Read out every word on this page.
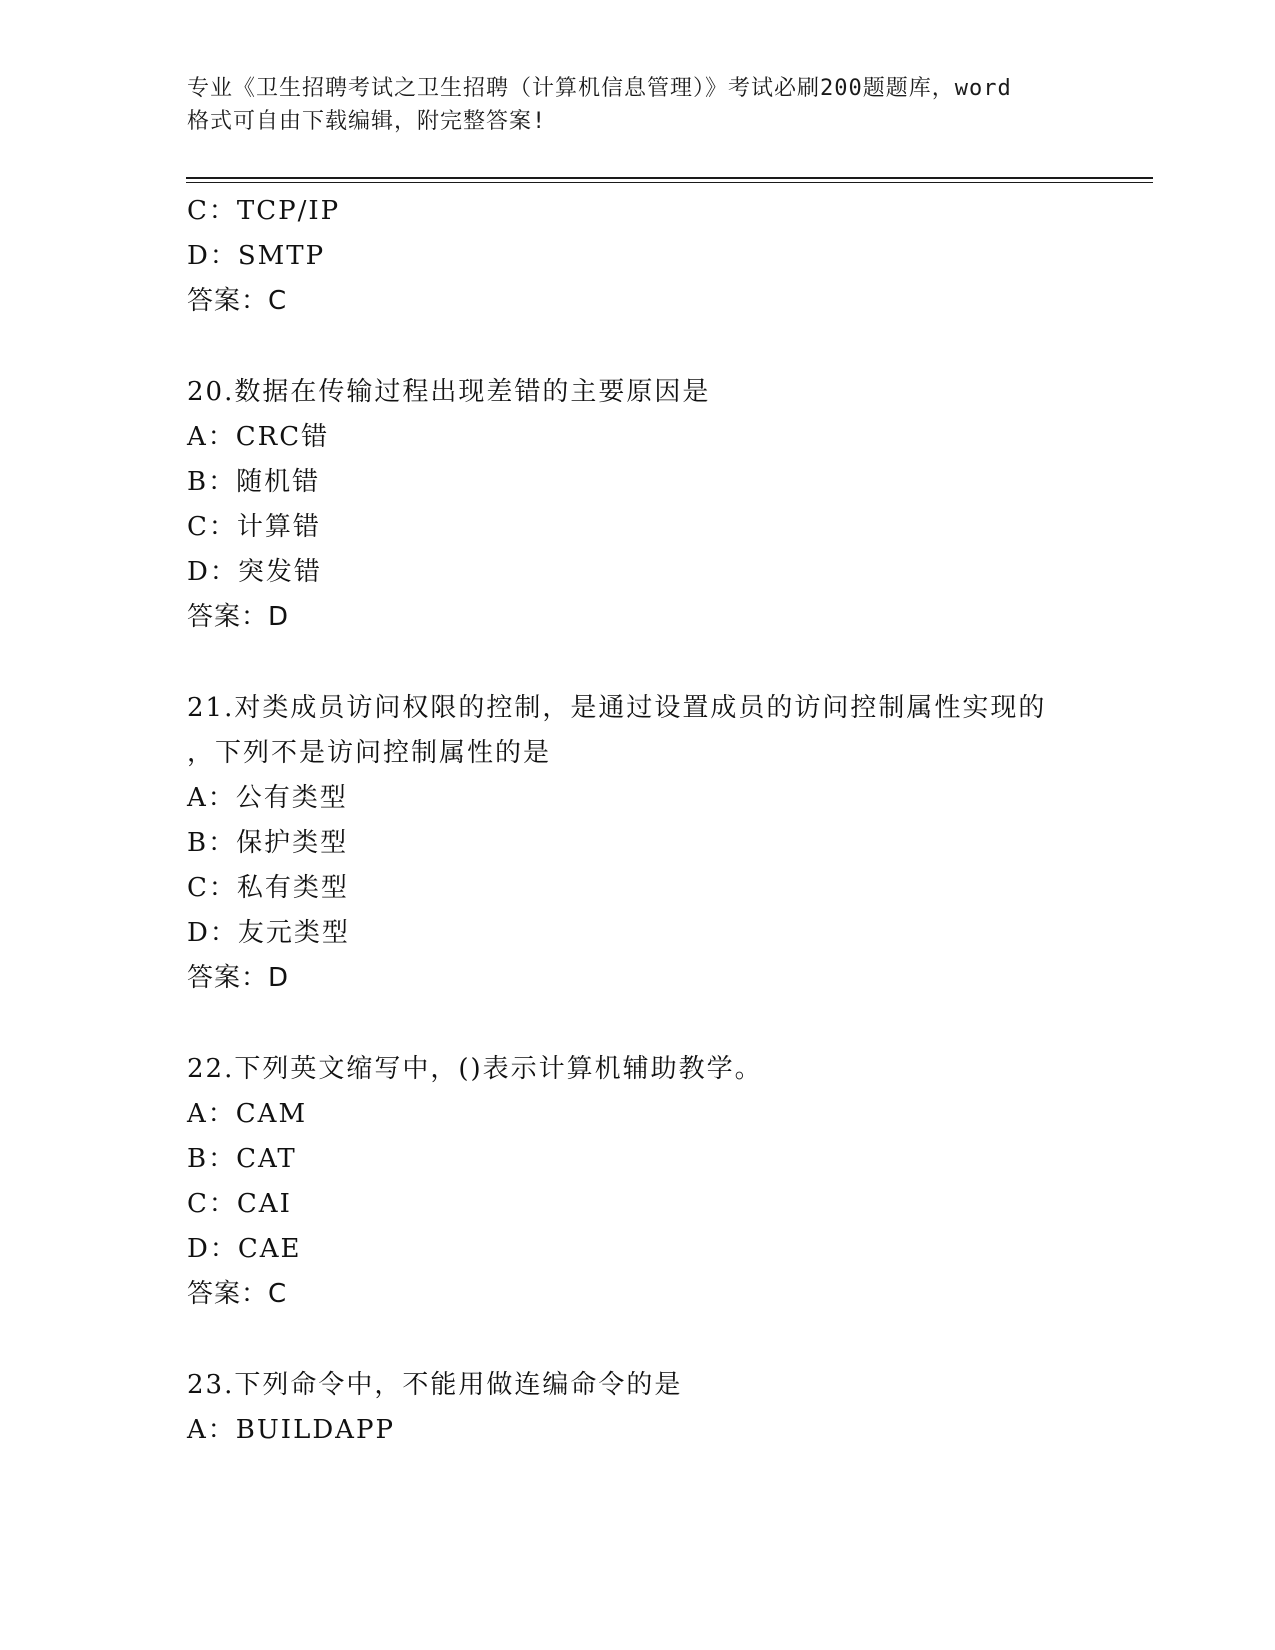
专业《卫生招聘考试之卫生招聘（计算机信息管理）》考试必刷200题题库，word
格式可自由下载编辑，附完整答案!
C：TCP/IP
D：SMTP
答案：C
20.数据在传输过程出现差错的主要原因是
A：CRC错
B：随机错
C：计算错
D：突发错
答案：D
21.对类成员访问权限的控制，是通过设置成员的访问控制属性实现的
，下列不是访问控制属性的是
A：公有类型
B：保护类型
C：私有类型
D：友元类型
答案：D
22.下列英文缩写中，()表示计算机辅助教学。
A：CAM
B：CAT
C：CAI
D：CAE
答案：C
23.下列命令中，不能用做连编命令的是
A：BUILDAPP
